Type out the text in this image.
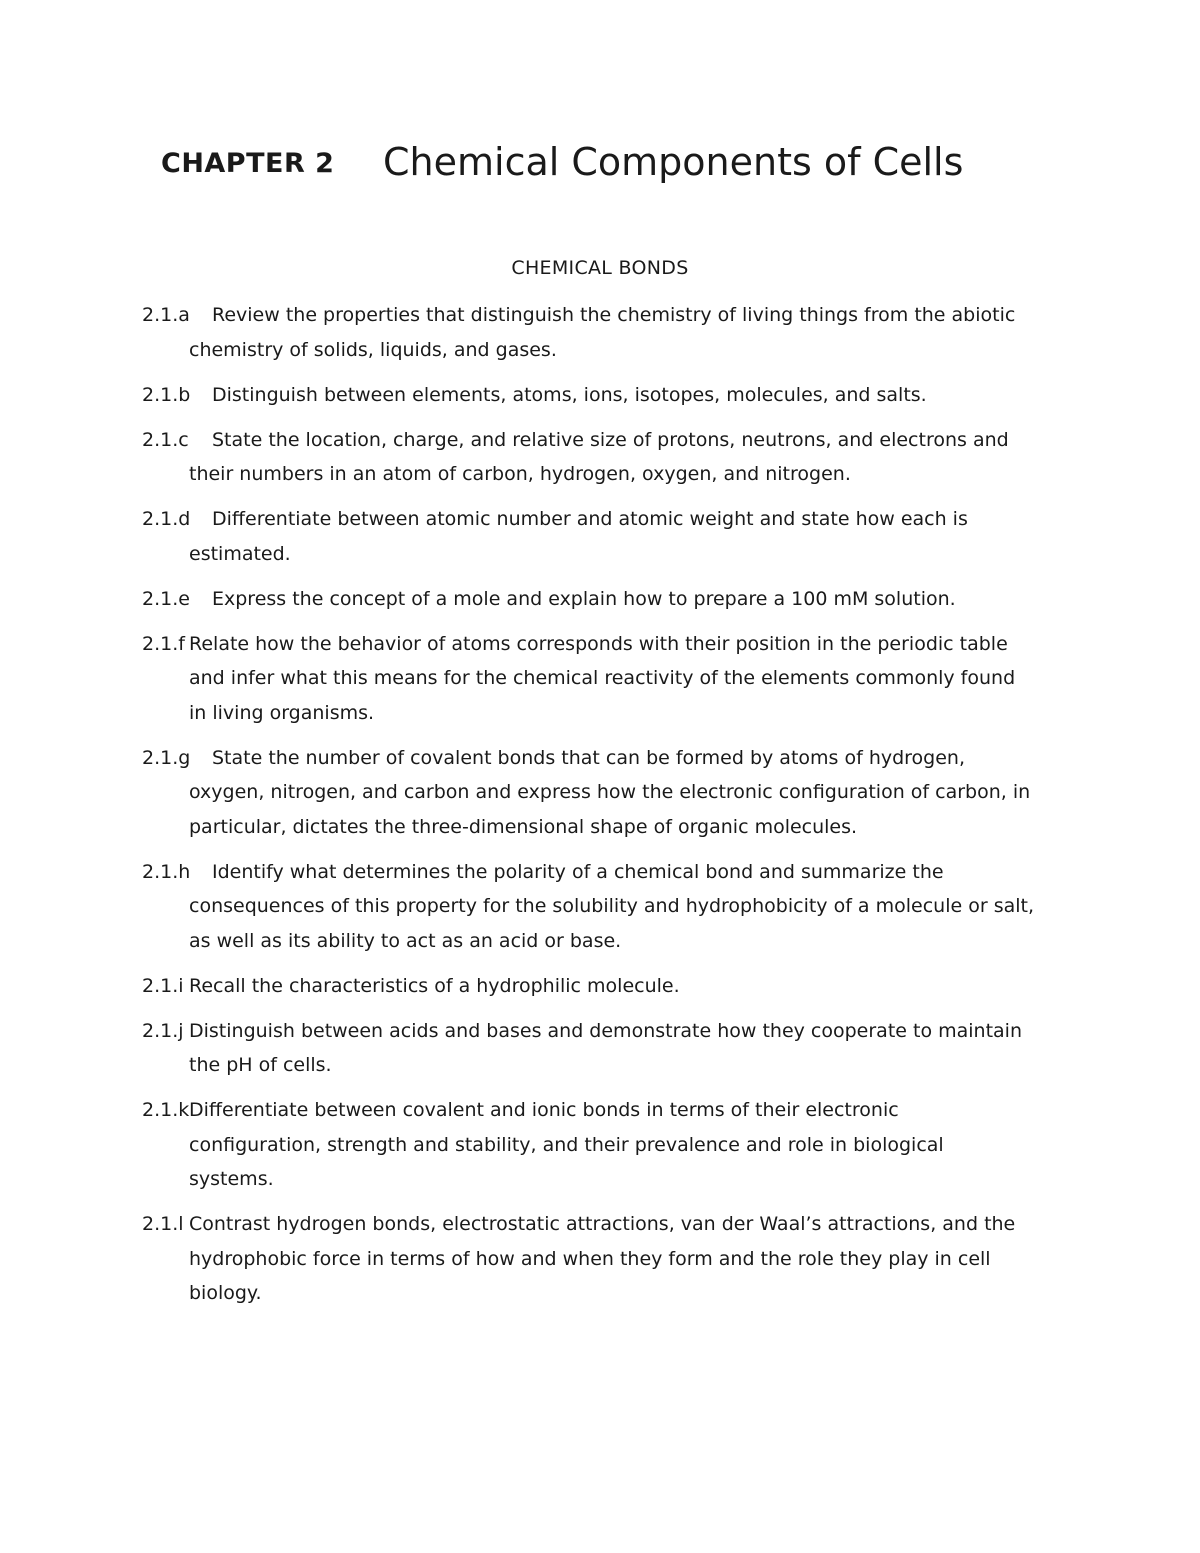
CHAPTER 2 Chemical Components of Cells
CHEMICAL BONDS
2.1.a Review the properties that distinguish the chemistry of living things from the abiotic
chemistry of solids, liquids, and gases.
2.1.b Distinguish between elements, atoms, ions, isotopes, molecules, and salts.
2.1.c State the location, charge, and relative size of protons, neutrons, and electrons and
their numbers in an atom of carbon, hydrogen, oxygen, and nitrogen.
2.1.d Differentiate between atomic number and atomic weight and state how each is
estimated.
2.1.e Express the concept of a mole and explain how to prepare a 100 mM solution.
2.1.f Relate how the behavior of atoms corresponds with their position in the periodic table
and infer what this means for the chemical reactivity of the elements commonly found
in living organisms.
2.1.g State the number of covalent bonds that can be formed by atoms of hydrogen,
oxygen, nitrogen, and carbon and express how the electronic configuration of carbon, in
particular, dictates the three-dimensional shape of organic molecules.
2.1.h Identify what determines the polarity of a chemical bond and summarize the
consequences of this property for the solubility and hydrophobicity of a molecule or salt,
as well as its ability to act as an acid or base.
2.1.i Recall the characteristics of a hydrophilic molecule.
2.1.j Distinguish between acids and bases and demonstrate how they cooperate to maintain
the pH of cells.
2.1.k Differentiate between covalent and ionic bonds in terms of their electronic
configuration, strength and stability, and their prevalence and role in biological
systems.
2.1.l Contrast hydrogen bonds, electrostatic attractions, van der Waal’s attractions, and the
hydrophobic force in terms of how and when they form and the role they play in cell
biology.
